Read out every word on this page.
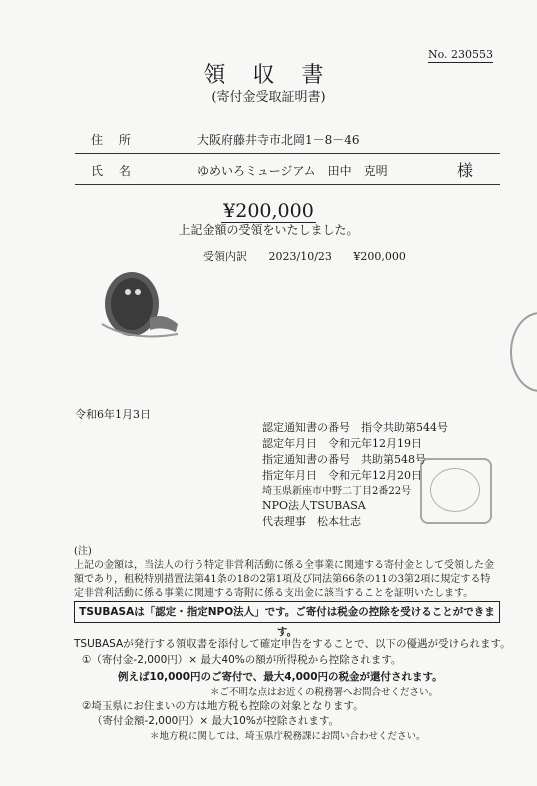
No. 230553
領 収 書
(寄付金受取証明書)
住 所	大阪府藤井寺市北岡1－8－46
氏 名	ゆめいろミュージアム　田中　克明	様
¥200,000
上記金額の受領をいたしました。
受領内訳 2023/10/23 ¥200,000
令和6年1月3日
認定通知書の番号　指令共助第544号
認定年月日　令和元年12月19日
指定通知書の番号　共助第548号
指定年月日　令和元年12月20日
埼玉県新座市中野二丁目2番22号
NPO法人TSUBASA
代表理事　松本壮志
(注)
上記の金額は，当法人の行う特定非営利活動に係る全事業に関連する寄付金として受領した金額であり，租税特別措置法第41条の18の2第1項及び同法第66条の11の3第2項に規定する特定非営利活動に係る事業に関連する寄附に係る支出金に該当することを証明いたします。
TSUBASAは「認定・指定NPO法人」です。ご寄付は税金の控除を受けることができます。
TSUBASAが発行する領収書を添付して確定申告をすることで、以下の優遇が受けられます。
①（寄付金-2,000円）× 最大40%の額が所得税から控除されます。
例えば10,000円のご寄付で、最大4,000円の税金が還付されます。
＊ご不明な点はお近くの税務署へお問合せください。
②埼玉県にお住まいの方は地方税も控除の対象となります。
（寄付金額-2,000円）× 最大10%が控除されます。
＊地方税に関しては、埼玉県庁税務課にお問い合わせください。
